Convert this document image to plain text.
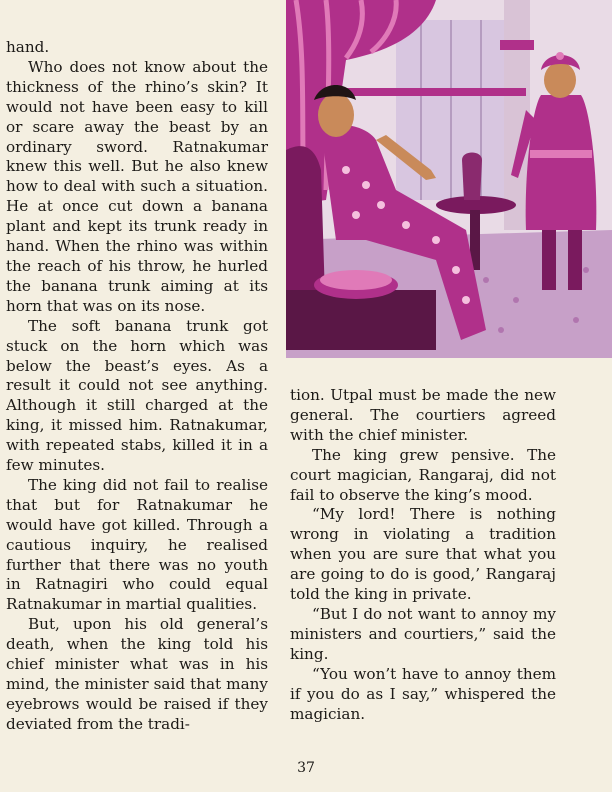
hand.

Who does not know about the thickness of the rhino’s skin? It would not have been easy to kill or scare away the beast by an ordinary sword. Ratnakumar knew this well. But he also knew how to deal with such a situation. He at once cut down a banana plant and kept its trunk ready in hand. When the rhino was within the reach of his throw, he hurled the banana trunk aiming at its horn that was on its nose.

The soft banana trunk got stuck on the horn which was below the beast’s eyes. As a result it could not see anything. Although it still charged at the king, it missed him. Ratnakumar, with repeated stabs, killed it in a few minutes.

The king did not fail to realise that but for Ratnakumar he would have got killed. Through a cautious inquiry, he realised further that there was no youth in Ratnagiri who could equal Ratnakumar in martial qualities.

But, upon his old general’s death, when the king told his chief minister what was in his mind, the minister said that many eyebrows would be raised if they deviated from the tradi-

tion. Utpal must be made the new general. The courtiers agreed with the chief minister.

The king grew pensive. The court magician, Rangaraj, did not fail to observe the king’s mood.

“My lord! There is nothing wrong in violating a tradition when you are sure that what you are going to do is good,’ Rangaraj told the king in private.

“But I do not want to annoy my ministers and courtiers,” said the king.

“You won’t have to annoy them if you do as I say,” whispered the magician.

37
